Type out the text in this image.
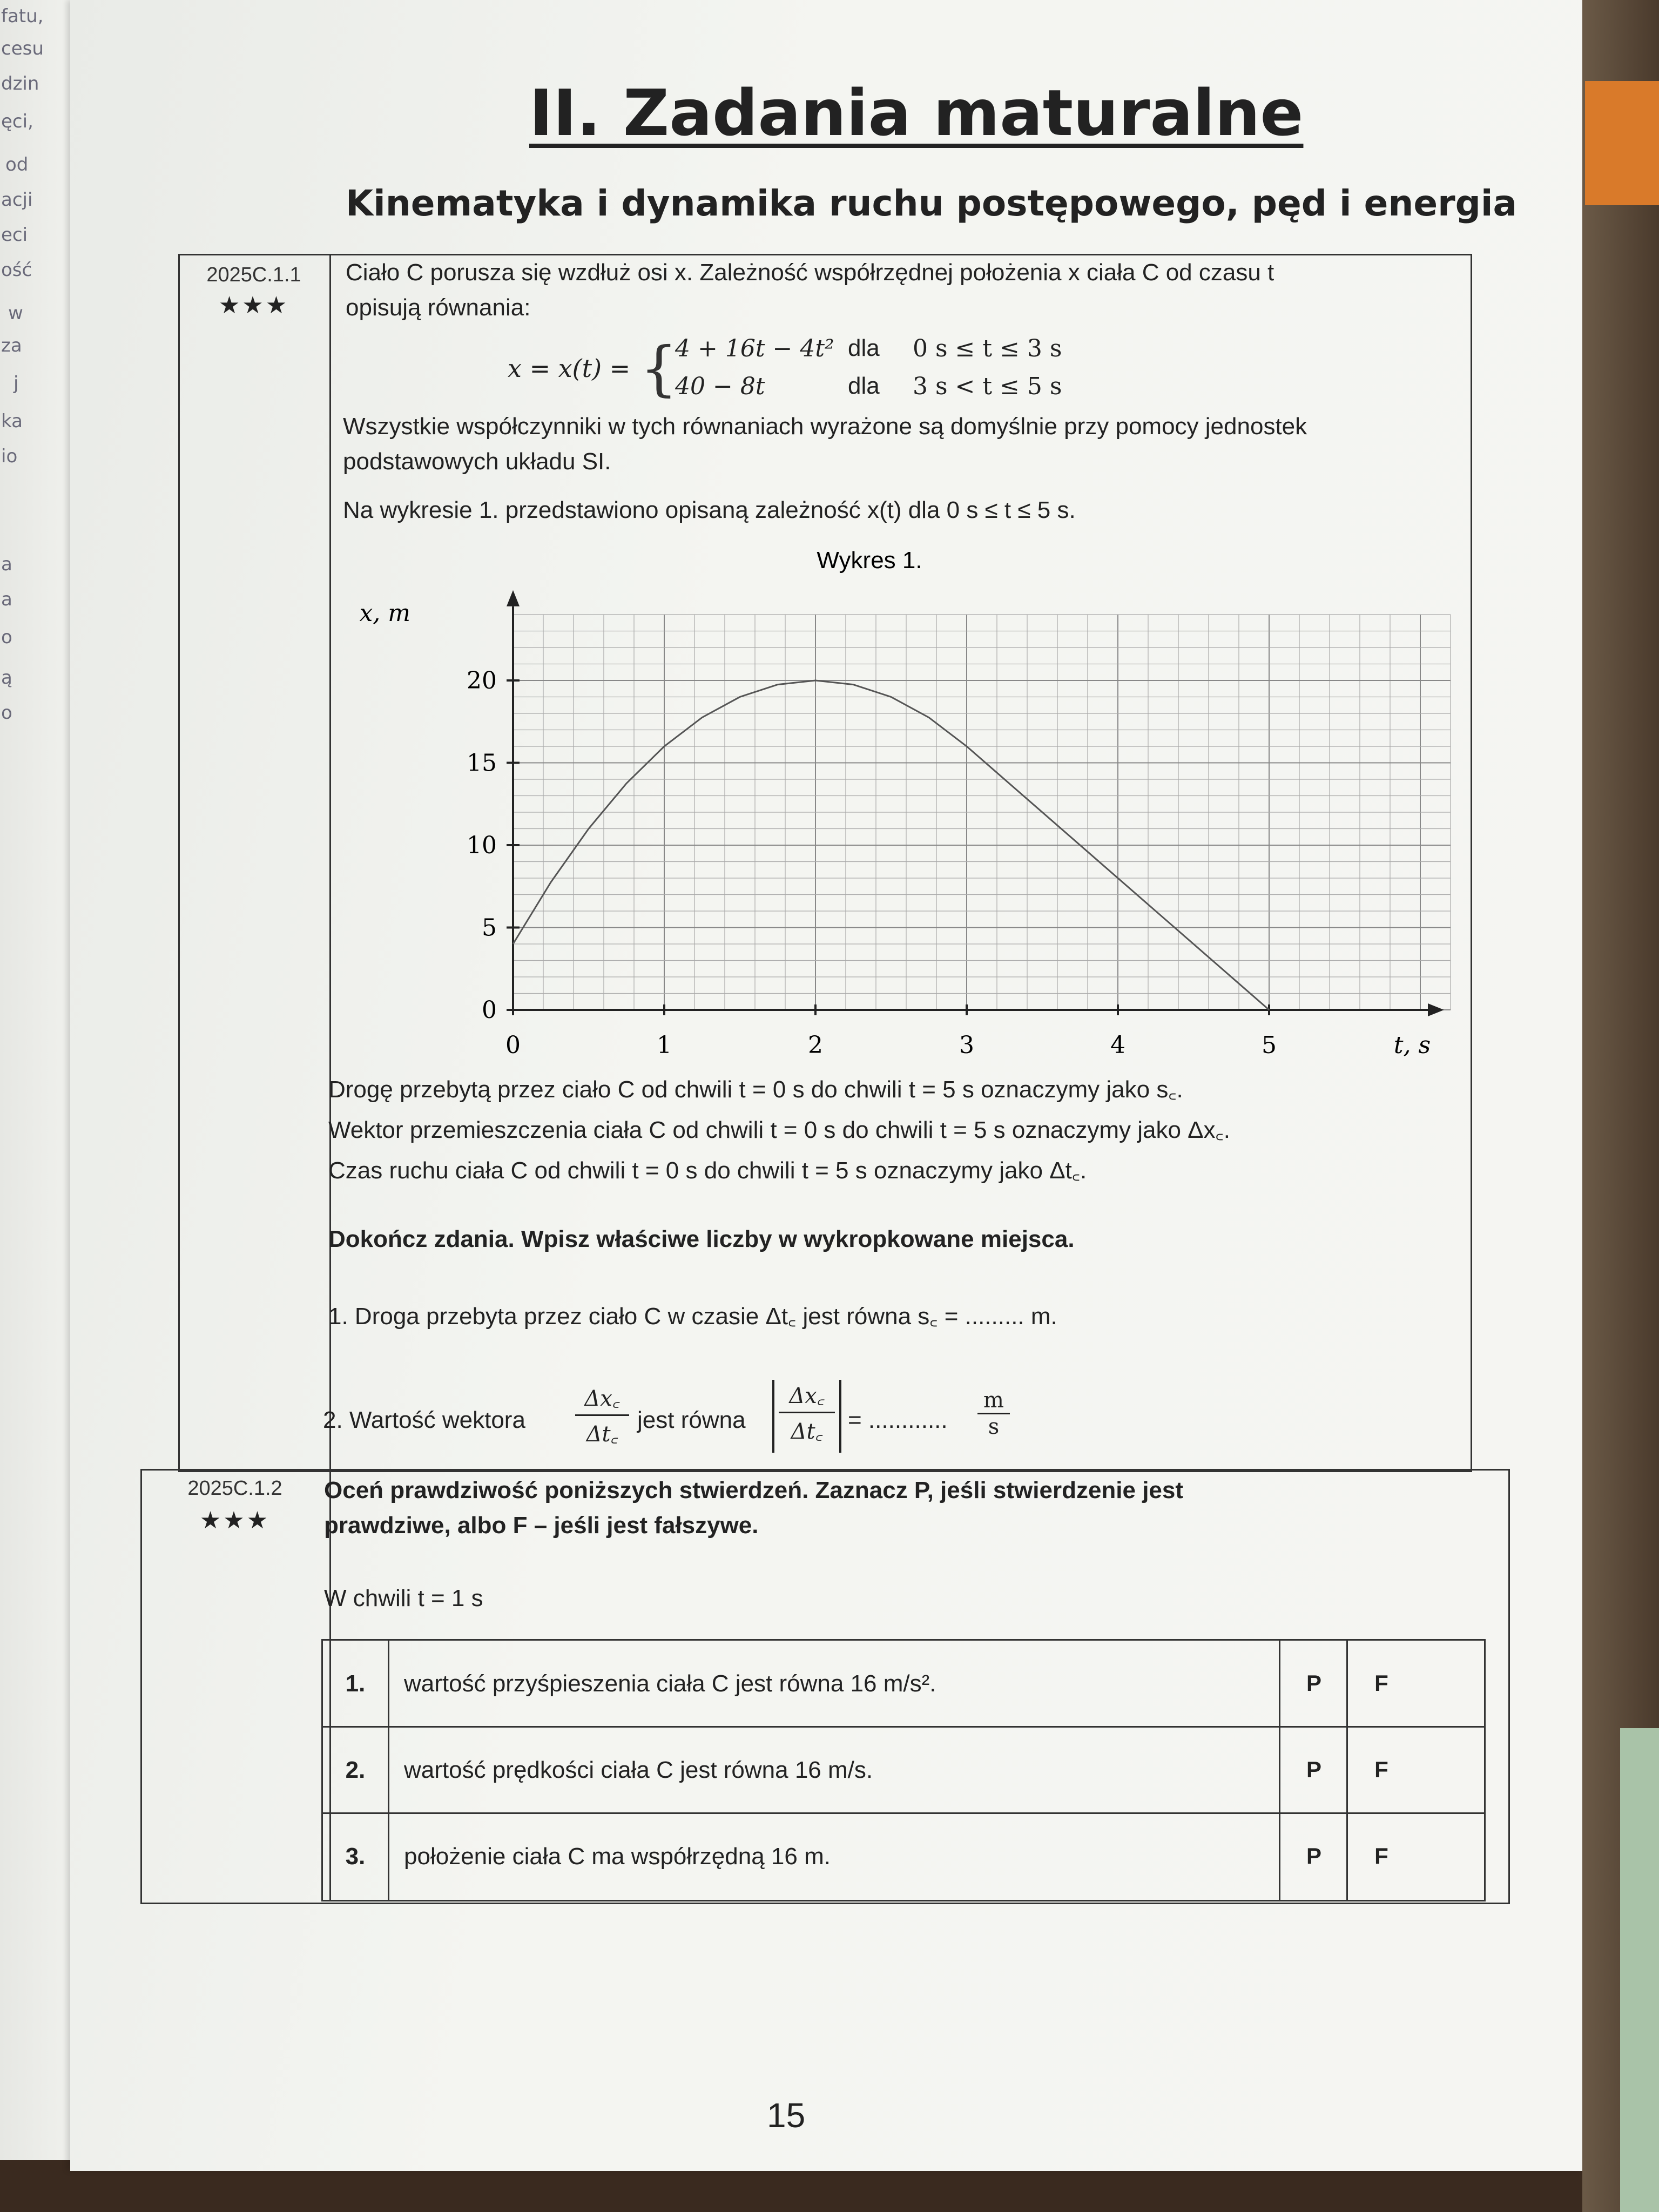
fatu,
cesu
dzin
ęci,
od
acji
eci
ość
w
za
j
ka
io
a
a
o
ą
o
II. Zadania maturalne
Kinematyka i dynamika ruchu postępowego, pęd i energia
2025C.1.1
★★★
Ciało C porusza się wzdłuż osi x. Zależność współrzędnej położenia x ciała C od czasu t
opisują równania:
x = x(t) = {
4 + 16t − 4t²
40 − 8t
dla
dla
0 s ≤ t ≤ 3 s
3 s < t ≤ 5 s
Wszystkie współczynniki w tych równaniach wyrażone są domyślnie przy pomocy jednostek
podstawowych układu SI.
Na wykresie 1. przedstawiono opisaną zależność x(t) dla 0 s ≤ t ≤ 5 s.
Wykres 1.
0	1	2	3	4	5
0
5
10
15
20
x, m
t, s
Drogę przebytą przez ciało C od chwili t = 0 s do chwili t = 5 s oznaczymy jako s꜀.
Wektor przemieszczenia ciała C od chwili t = 0 s do chwili t = 5 s oznaczymy jako Δx꜀.
Czas ruchu ciała C od chwili t = 0 s do chwili t = 5 s oznaczymy jako Δt꜀.
Dokończ zdania. Wpisz właściwe liczby w wykropkowane miejsca.
1. Droga przebyta przez ciało C w czasie Δt꜀ jest równa s꜀ = ......... m.
2. Wartość wektora $\frac{\Delta x꜀}{\Delta t꜀}$ jest równa $\frac{\Delta x꜀}{\Delta t꜀}$ = ............ $\frac{m}{s}$
2025C.1.2
★★★
Oceń prawdziwość poniższych stwierdzeń. Zaznacz P, jeśli stwierdzenie jest
prawdziwe, albo F – jeśli jest fałszywe.
W chwili t = 1 s
1.	wartość przyśpieszenia ciała C jest równa 16 m/s².	P	F
2.	wartość prędkości ciała C jest równa 16 m/s.	P	F
3.	położenie ciała C ma współrzędną 16 m.	P	F
15
